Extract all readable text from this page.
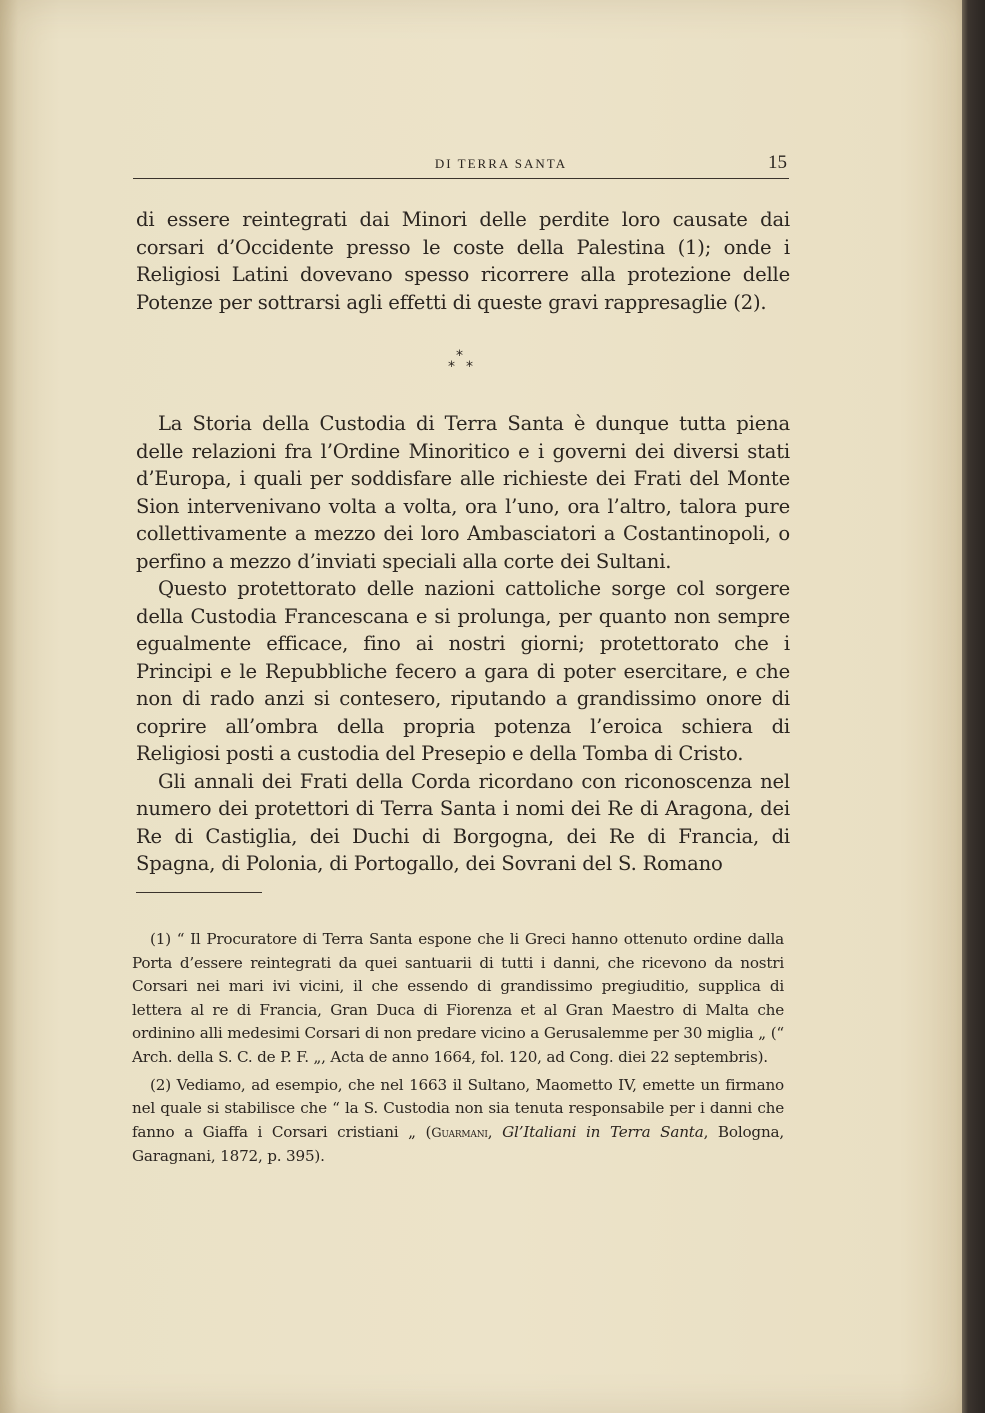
DI TERRA SANTA	15

di essere reintegrati dai Minori delle perdite loro causate dai corsari d’Occidente presso le coste della Palestina (1); onde i Religiosi Latini dovevano spesso ricorrere alla protezione delle Potenze per sottrarsi agli effetti di queste gravi rappresaglie (2).

*
* *

La Storia della Custodia di Terra Santa è dunque tutta piena delle relazioni fra l’Ordine Minoritico e i governi dei diversi stati d’Europa, i quali per soddisfare alle richieste dei Frati del Monte Sion intervenivano volta a volta, ora l’uno, ora l’altro, talora pure collettivamente a mezzo dei loro Ambasciatori a Costantinopoli, o perfino a mezzo d’inviati speciali alla corte dei Sultani.

Questo protettorato delle nazioni cattoliche sorge col sorgere della Custodia Francescana e si prolunga, per quanto non sempre egualmente efficace, fino ai nostri giorni; protettorato che i Principi e le Repubbliche fecero a gara di poter esercitare, e che non di rado anzi si contesero, riputando a grandissimo onore di coprire all’ombra della propria potenza l’eroica schiera di Religiosi posti a custodia del Presepio e della Tomba di Cristo.

Gli annali dei Frati della Corda ricordano con riconoscenza nel numero dei protettori di Terra Santa i nomi dei Re di Aragona, dei Re di Castiglia, dei Duchi di Borgogna, dei Re di Francia, di Spagna, di Polonia, di Portogallo, dei Sovrani del S. Romano

(1) “ Il Procuratore di Terra Santa espone che li Greci hanno ottenuto ordine dalla Porta d’essere reintegrati da quei santuarii di tutti i danni, che ricevono da nostri Corsari nei mari ivi vicini, il che essendo di grandissimo pregiuditio, supplica di lettera al re di Francia, Gran Duca di Fiorenza et al Gran Maestro di Malta che ordinino alli medesimi Corsari di non predare vicino a Gerusalemme per 30 miglia „ (“ Arch. della S. C. de P. F. „, Acta de anno 1664, fol. 120, ad Cong. diei 22 septembris).

(2) Vediamo, ad esempio, che nel 1663 il Sultano, Maometto IV, emette un firmano nel quale si stabilisce che “ la S. Custodia non sia tenuta responsabile per i danni che fanno a Giaffa i Corsari cristiani „ (Guarmani, Gl’Italiani in Terra Santa, Bologna, Garagnani, 1872, p. 395).
